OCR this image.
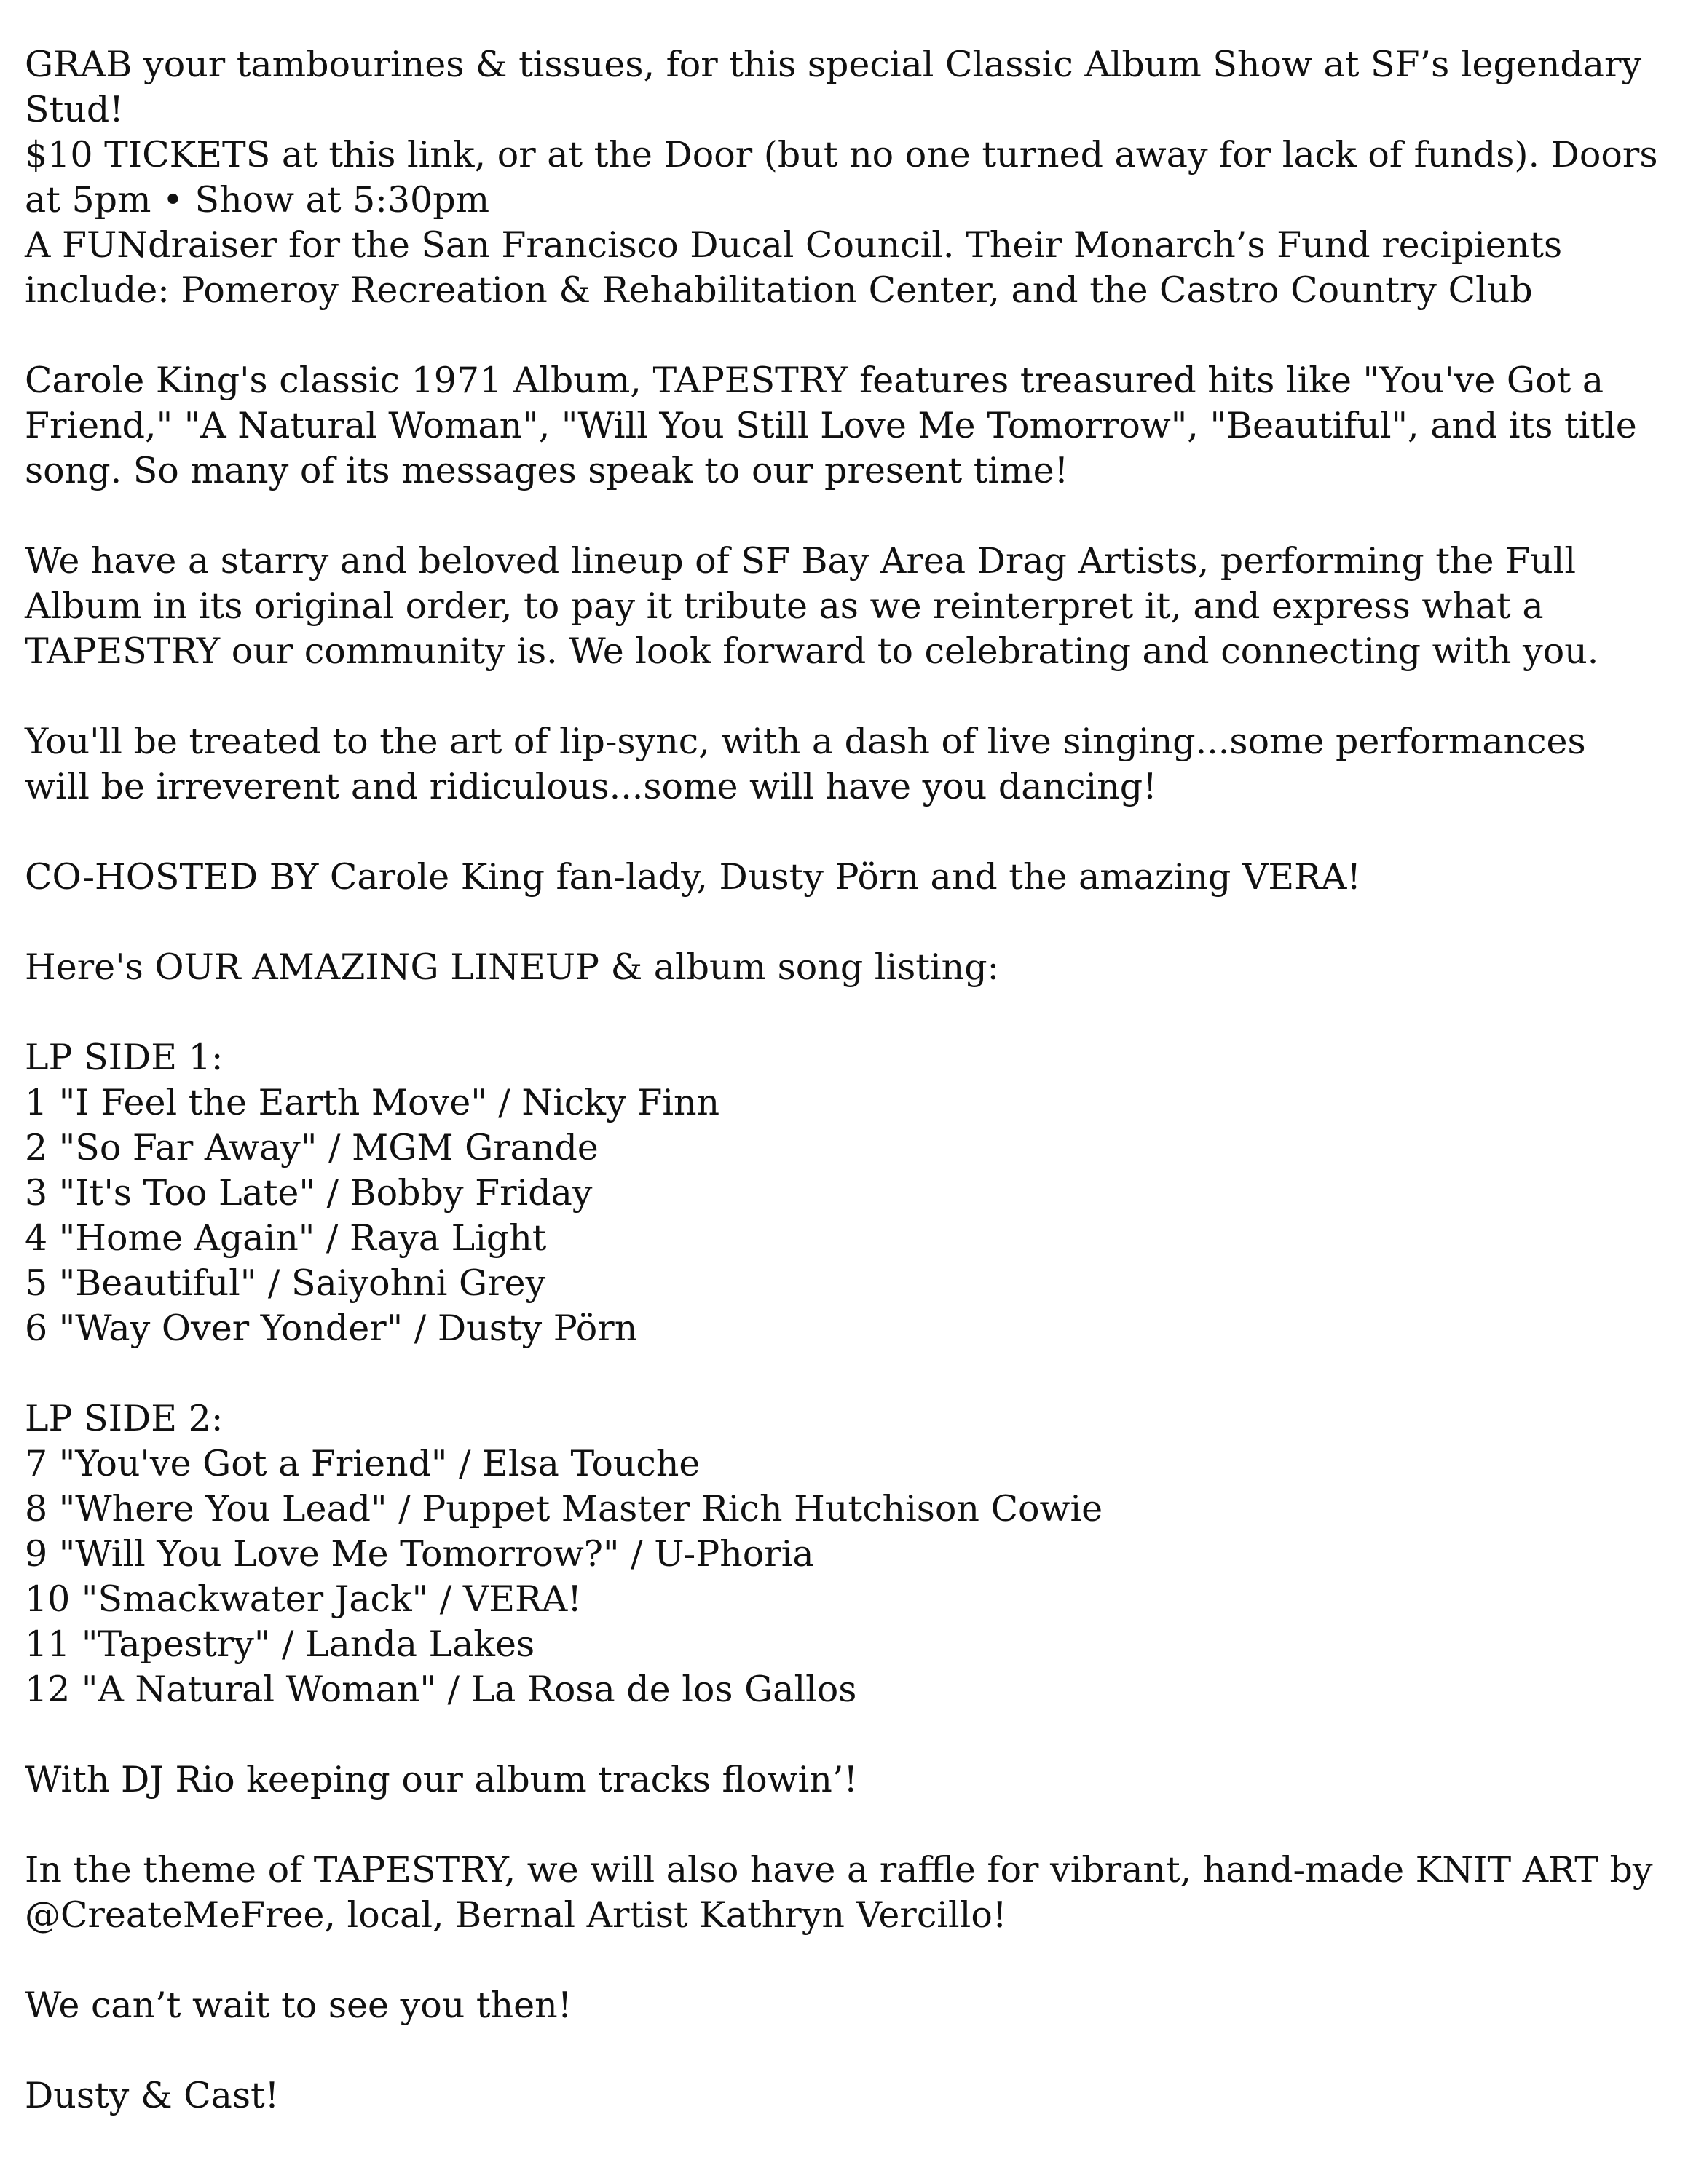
GRAB your tambourines & tissues, for this special Classic Album Show at SF’s legendary
Stud!
$10 TICKETS at this link, or at the Door (but no one turned away for lack of funds). Doors
at 5pm • Show at 5:30pm
A FUNdraiser for the San Francisco Ducal Council. Their Monarch’s Fund recipients
include: Pomeroy Recreation & Rehabilitation Center, and the Castro Country Club

Carole King's classic 1971 Album, TAPESTRY features treasured hits like "You've Got a
Friend," "A Natural Woman", "Will You Still Love Me Tomorrow", "Beautiful", and its title
song. So many of its messages speak to our present time!

We have a starry and beloved lineup of SF Bay Area Drag Artists, performing the Full
Album in its original order, to pay it tribute as we reinterpret it, and express what a
TAPESTRY our community is. We look forward to celebrating and connecting with you.

You'll be treated to the art of lip-sync, with a dash of live singing...some performances
will be irreverent and ridiculous...some will have you dancing!

CO-HOSTED BY Carole King fan-lady, Dusty Pörn and the amazing VERA!

Here's OUR AMAZING LINEUP & album song listing:

LP SIDE 1:
1 "I Feel the Earth Move" / Nicky Finn
2 "So Far Away" / MGM Grande
3 "It's Too Late" / Bobby Friday
4 "Home Again" / Raya Light
5 "Beautiful" / Saiyohni Grey
6 "Way Over Yonder" / Dusty Pörn
LP SIDE 2:
7 "You've Got a Friend" / Elsa Touche
8 "Where You Lead" / Puppet Master Rich Hutchison Cowie
9 "Will You Love Me Tomorrow?" / U-Phoria
10 "Smackwater Jack" / VERA!
11 "Tapestry" / Landa Lakes
12 "A Natural Woman" / La Rosa de los Gallos

With DJ Rio keeping our album tracks flowin’!

In the theme of TAPESTRY, we will also have a raffle for vibrant, hand-made KNIT ART by
@CreateMeFree, local, Bernal Artist Kathryn Vercillo!

We can’t wait to see you then!

Dusty & Cast!
